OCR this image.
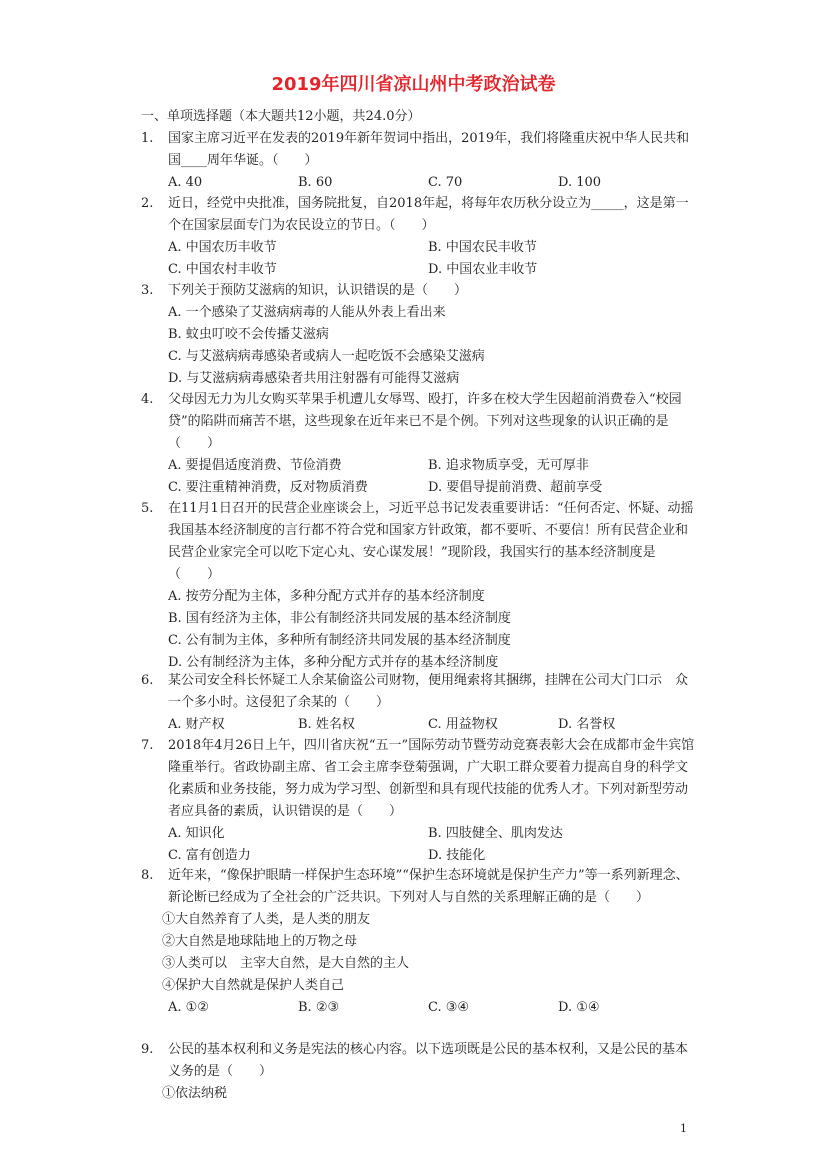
2019年四川省凉山州中考政治试卷
一、单项选择题（本大题共12小题，共24.0分）
1. 国家主席习近平在发表的2019年新年贺词中指出，2019年，我们将隆重庆祝中华人民共和国____周年华诞。（　　）
A. 40	B. 60	C. 70	D. 100
2. 近日，经党中央批准，国务院批复，自2018年起，将每年农历秋分设立为_____，这是第一个在国家层面专门为农民设立的节日。（　　）
A. 中国农历丰收节	B. 中国农民丰收节
C. 中国农村丰收节	D. 中国农业丰收节
3. 下列关于预防艾滋病的知识，认识错误的是（　　）
A. 一个感染了艾滋病病毒的人能从外表上看出来
B. 蚊虫叮咬不会传播艾滋病
C. 与艾滋病病毒感染者或病人一起吃饭不会感染艾滋病
D. 与艾滋病病毒感染者共用注射器有可能得艾滋病
4. 父母因无力为儿女购买苹果手机遭儿女辱骂、殴打，许多在校大学生因超前消费卷入“校园贷”的陷阱而痛苦不堪，这些现象在近年来已不是个例。下列对这些现象的认识正确的是（　　）
A. 要提倡适度消费、节俭消费	B. 追求物质享受，无可厚非
C. 要注重精神消费，反对物质消费	D. 要倡导提前消费、超前享受
5. 在11月1日召开的民营企业座谈会上，习近平总书记发表重要讲话：“任何否定、怀疑、动摇我国基本经济制度的言行都不符合党和国家方针政策，都不要听、不要信！所有民营企业和民营企业家完全可以吃下定心丸、安心谋发展！”现阶段，我国实行的基本经济制度是（　　）
A. 按劳分配为主体，多种分配方式并存的基本经济制度
B. 国有经济为主体，非公有制经济共同发展的基本经济制度
C. 公有制为主体，多种所有制经济共同发展的基本经济制度
D. 公有制经济为主体，多种分配方式并存的基本经济制度
6. 某公司安全科长怀疑工人余某偷盗公司财物，便用绳索将其捆绑，挂牌在公司大门口示　众一个多小时。这侵犯了余某的（　　）
A. 财产权	B. 姓名权	C. 用益物权	D. 名誉权
7. 2018年4月26日上午，四川省庆祝“五一”国际劳动节暨劳动竞赛表彰大会在成都市金牛宾馆隆重举行。省政协副主席、省工会主席李登菊强调，广大职工群众要着力提高自身的科学文化素质和业务技能，努力成为学习型、创新型和具有现代技能的优秀人才。下列对新型劳动者应具备的素质，认识错误的是（　　）
A. 知识化	B. 四肢健全、肌肉发达
C. 富有创造力	D. 技能化
8. 近年来，“像保护眼睛一样保护生态环境”“保护生态环境就是保护生产力”等一系列新理念、新论断已经成为了全社会的广泛共识。下列对人与自然的关系理解正确的是（　　）
①大自然养育了人类，是人类的朋友
②大自然是地球陆地上的万物之母
③人类可以　主宰大自然，是大自然的主人
④保护大自然就是保护人类自己
A. ①②	B. ②③	C. ③④	D. ①④
9. 公民的基本权利和义务是宪法的核心内容。以下选项既是公民的基本权利，又是公民的基本义务的是（　　）
①依法纳税
1
